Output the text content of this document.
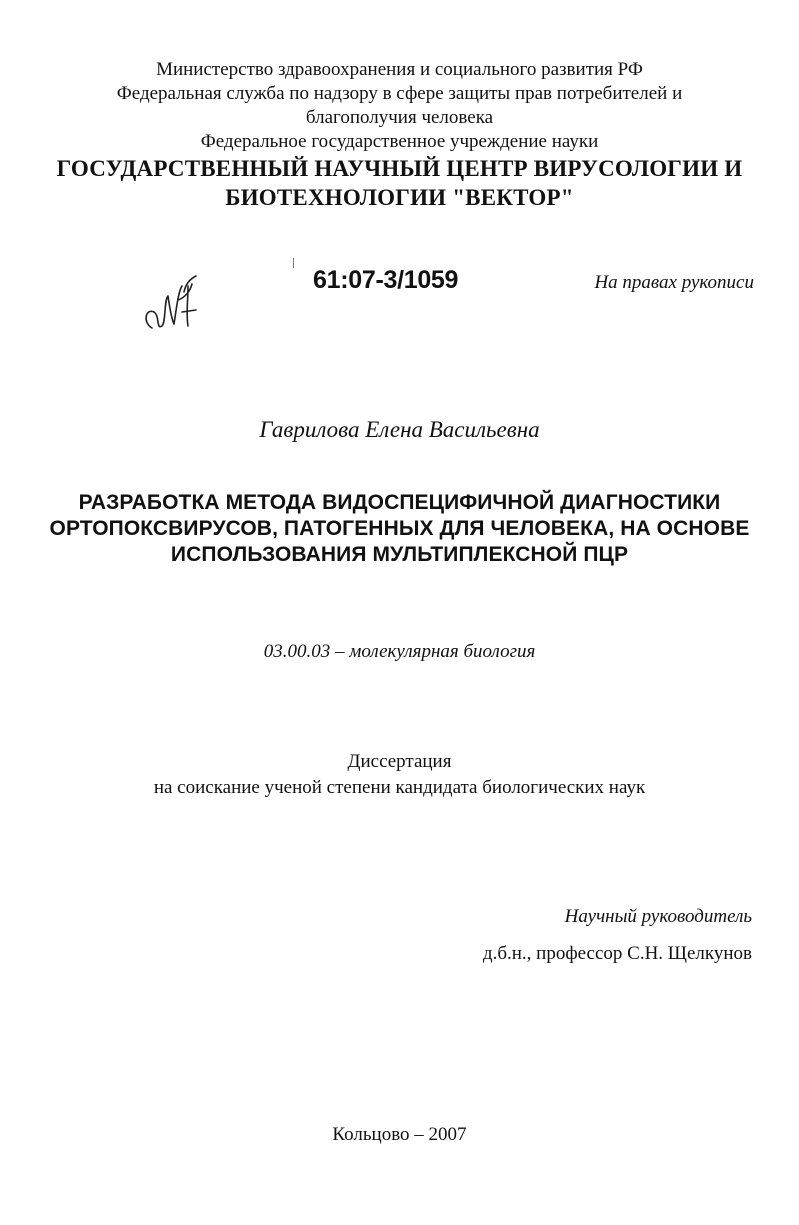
Министерство здравоохранения и социального развития РФ
Федеральная служба по надзору в сфере защиты прав потребителей и
благополучия человека
Федеральное государственное учреждение науки
ГОСУДАРСТВЕННЫЙ НАУЧНЫЙ ЦЕНТР ВИРУСОЛОГИИ И
БИОТЕХНОЛОГИИ "ВЕКТОР"
61:07-3/1059	На правах рукописи
Гаврилова Елена Васильевна
РАЗРАБОТКА МЕТОДА ВИДОСПЕЦИФИЧНОЙ ДИАГНОСТИКИ
ОРТОПОКСВИРУСОВ, ПАТОГЕННЫХ ДЛЯ ЧЕЛОВЕКА, НА ОСНОВЕ
ИСПОЛЬЗОВАНИЯ МУЛЬТИПЛЕКСНОЙ ПЦР
03.00.03 – молекулярная биология
Диссертация
на соискание ученой степени кандидата биологических наук
Научный руководитель
д.б.н., профессор С.Н. Щелкунов
Кольцово – 2007
